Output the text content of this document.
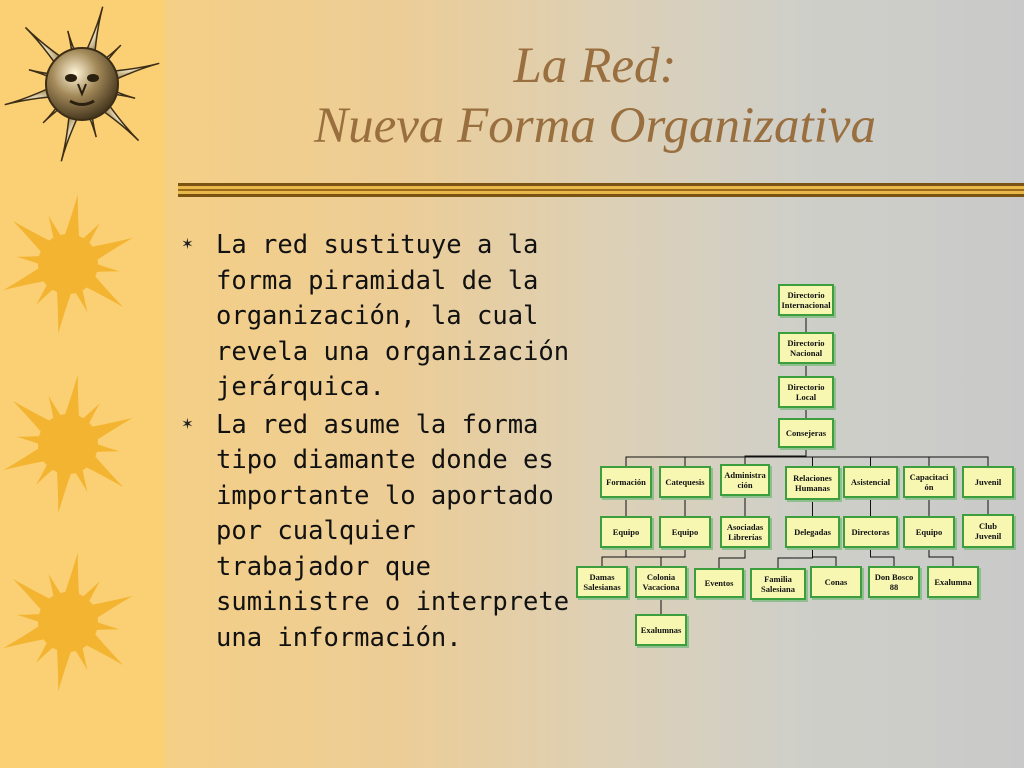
La Red:
Nueva Forma Organizativa
✶ La red sustituye a la forma piramidal de la organización, la cual revela una organización jerárquica.
✶ La red asume la forma tipo diamante donde es importante lo aportado por cualquier trabajador que suministre o interprete una información.
Directorio Internacional
Directorio Nacional
Directorio Local
Consejeras
Formación	Catequesis
Administra ción
Relaciones Humanas
Asistencial	Capacitaci ón	Juvenil
Equipo	Equipo	Asociadas Librerías	Delegadas	Directoras	Equipo
Club Juvenil
Damas Salesianas
Colonia Vacaciona	Eventos	Familia Salesiana
Conas	Don Bosco 88	Exalumna
Exalumnas
